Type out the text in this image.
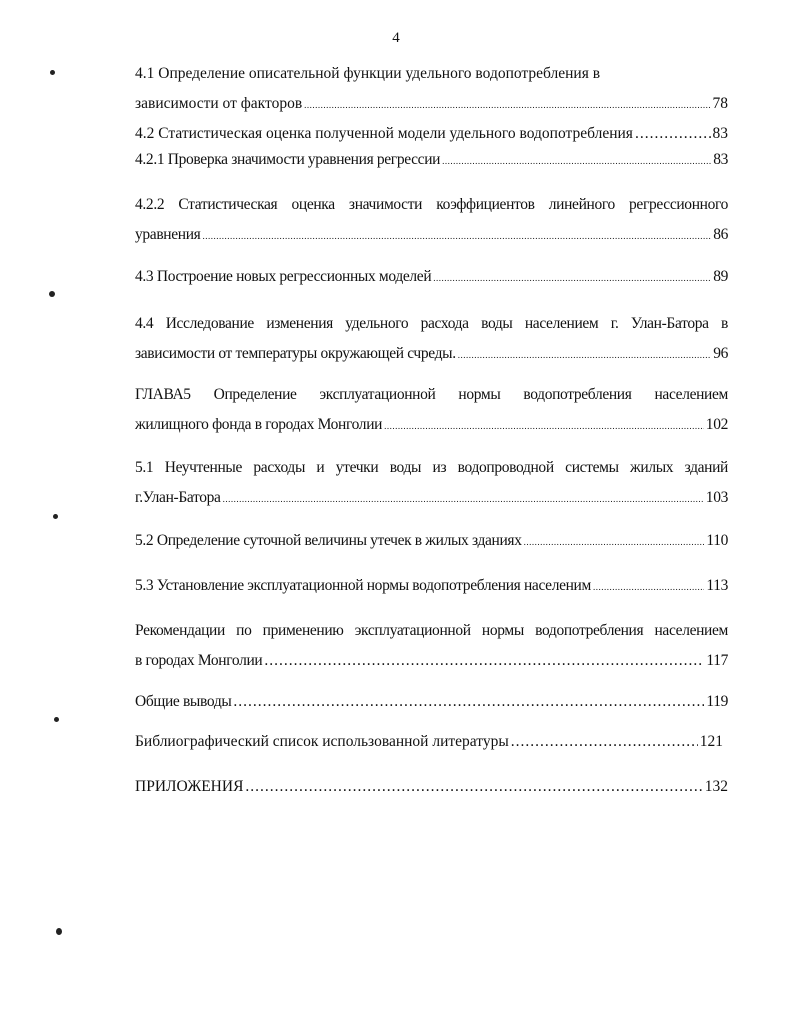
4
4.1 Определение описательной функции удельного водопотребления в
зависимости от факторов .....	78
4.2 Статистическая оценка полученной модели удельного водопотребления .....	83
4.2.1 Проверка значимости уравнения регрессии .....	83
4.2.2 Статистическая оценка значимости коэффициентов линейного регрессионного
уравнения .....	86
4.3 Построение новых регрессионных моделей .....	89
4.4 Исследование изменения удельного расхода воды населением г. Улан-Батора в
зависимости от температуры окружающей счреды. .....	96
ГЛАВА5 Определение эксплуатационной нормы водопотребления населением
жилищного фонда в городах Монголии .....	102
5.1 Неучтенные расходы и утечки воды из водопроводной системы жилых зданий
г.Улан-Батора .....	103
5.2 Определение суточной величины утечек в жилых зданиях .....	110
5.3 Установление эксплуатационной нормы водопотребления населеним .....	113
Рекомендации по применению эксплуатационной нормы водопотребления населением
в городах Монголии .....	117
Общие выводы .....	119
Библиографический список использованной литературы .....	121
ПРИЛОЖЕНИЯ .....	132
